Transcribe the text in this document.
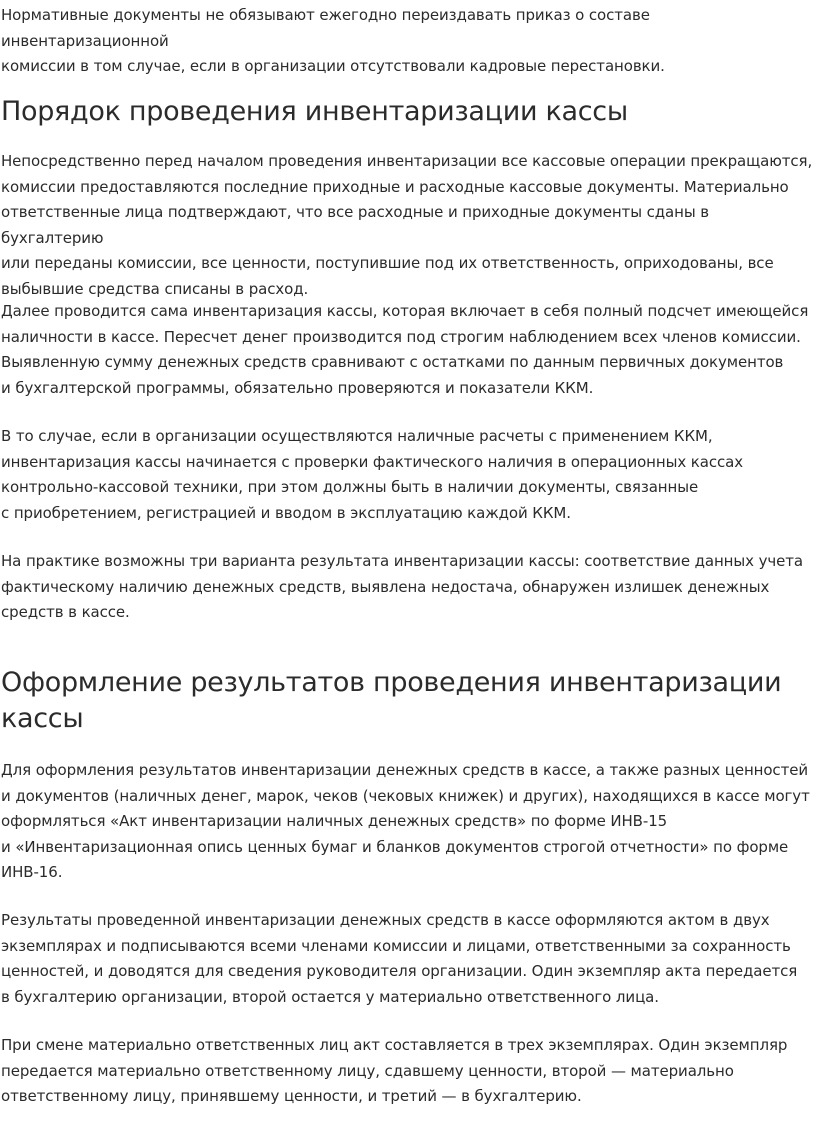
Нормативные документы не обязывают ежегодно переиздавать приказ о составе инвентаризационной
комиссии в том случае, если в организации отсутствовали кадровые перестановки.

Порядок проведения инвентаризации кассы

Непосредственно перед началом проведения инвентаризации все кассовые операции прекращаются,
комиссии предоставляются последние приходные и расходные кассовые документы. Материально
ответственные лица подтверждают, что все расходные и приходные документы сданы в бухгалтерию
или переданы комиссии, все ценности, поступившие под их ответственность, оприходованы, все
выбывшие средства списаны в расход.

Далее проводится сама инвентаризация кассы, которая включает в себя полный подсчет имеющейся
наличности в кассе. Пересчет денег производится под строгим наблюдением всех членов комиссии.
Выявленную сумму денежных средств сравнивают с остатками по данным первичных документов
и бухгалтерской программы, обязательно проверяются и показатели ККМ.

В то случае, если в организации осуществляются наличные расчеты с применением ККМ,
инвентаризация кассы начинается с проверки фактического наличия в операционных кассах
контрольно-кассовой техники, при этом должны быть в наличии документы, связанные
с приобретением, регистрацией и вводом в эксплуатацию каждой ККМ.

На практике возможны три варианта результата инвентаризации кассы: соответствие данных учета
фактическому наличию денежных средств, выявлена недостача, обнаружен излишек денежных
средств в кассе.

Оформление результатов проведения инвентаризации
кассы

Для оформления результатов инвентаризации денежных средств в кассе, а также разных ценностей
и документов (наличных денег, марок, чеков (чековых книжек) и других), находящихся в кассе могут
оформляться «Акт инвентаризации наличных денежных средств» по форме ИНВ-15
и «Инвентаризационная опись ценных бумаг и бланков документов строгой отчетности» по форме
ИНВ-16.

Результаты проведенной инвентаризации денежных средств в кассе оформляются актом в двух
экземплярах и подписываются всеми членами комиссии и лицами, ответственными за сохранность
ценностей, и доводятся для сведения руководителя организации. Один экземпляр акта передается
в бухгалтерию организации, второй остается у материально ответственного лица.

При смене материально ответственных лиц акт составляется в трех экземплярах. Один экземпляр
передается материально ответственному лицу, сдавшему ценности, второй — материально
ответственному лицу, принявшему ценности, и третий — в бухгалтерию.
